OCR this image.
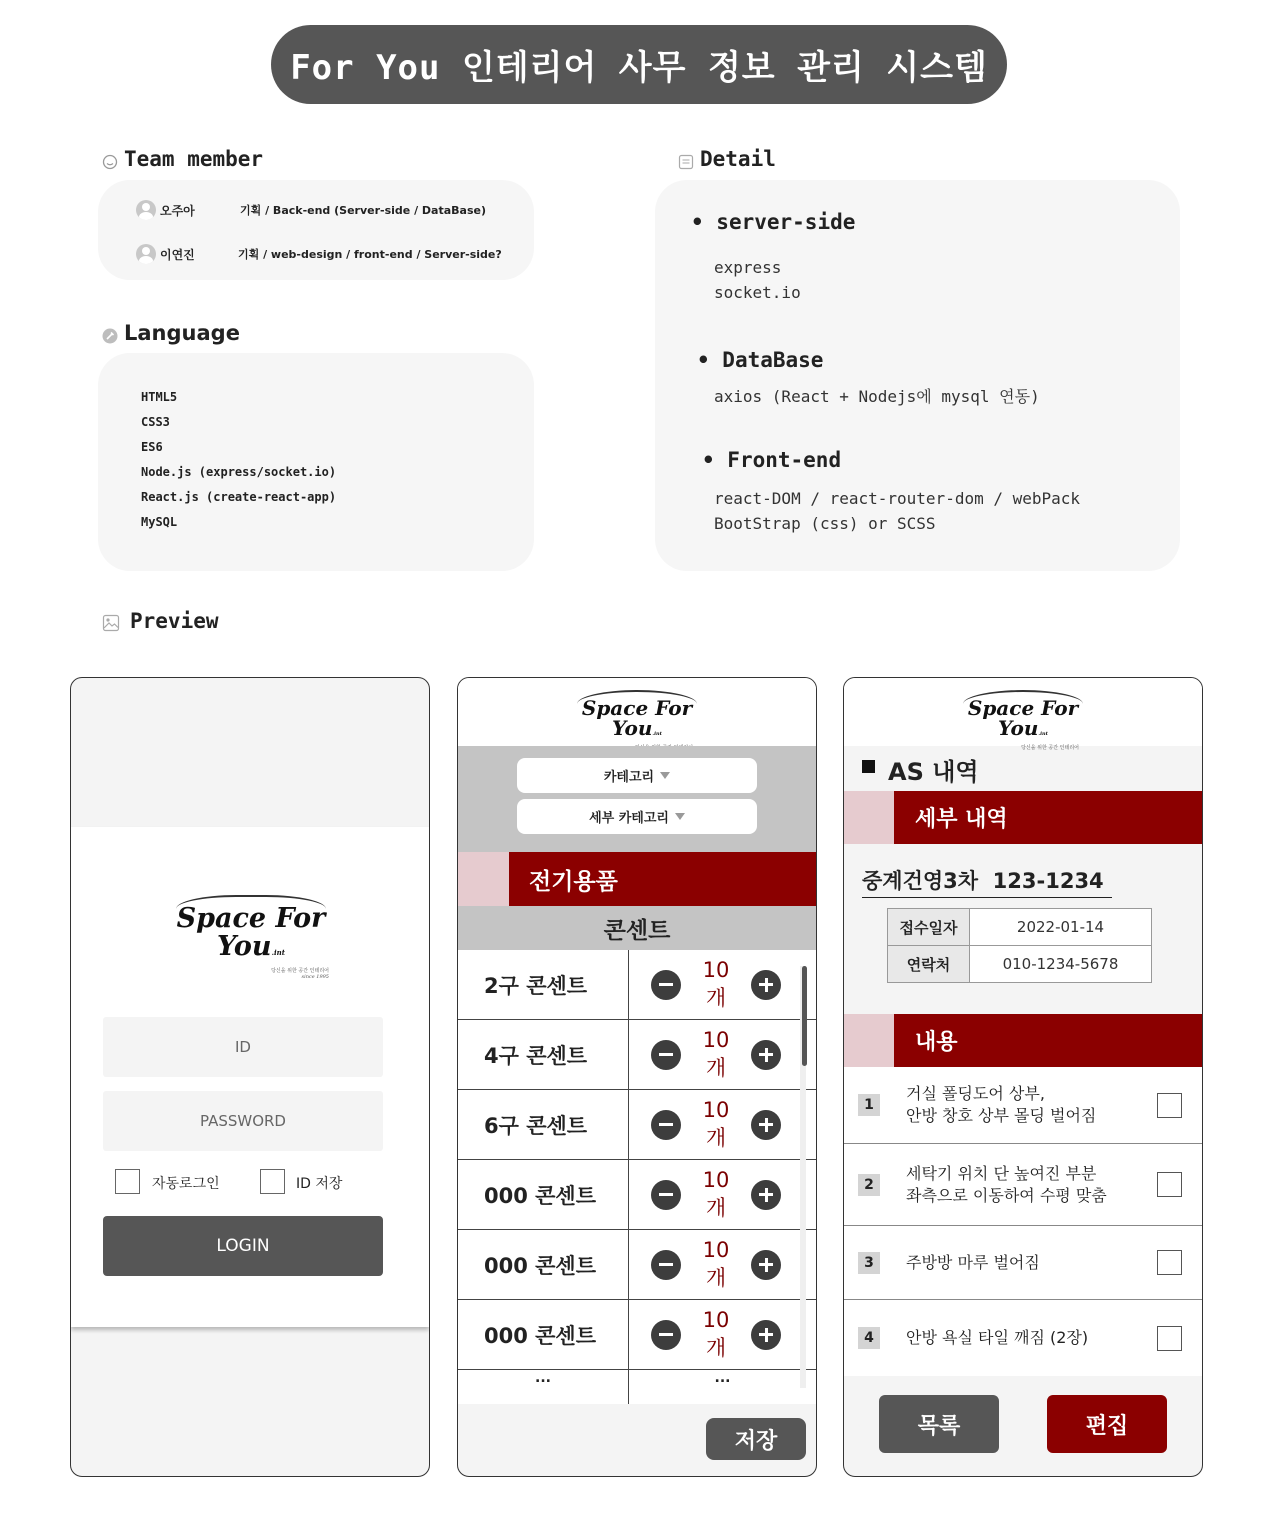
For You 인테리어 사무 정보 관리 시스템
Team member
오주아	기획 / Back-end (Server-side / DataBase)
이연진	기획 / web-design / front-end / Server-side?
Language
HTML5
CSS3
ES6
Node.js (express/socket.io)
React.js (create-react-app)
MySQL
Detail
• server-side
express
socket.io
• DataBase
axios (React + Nodejs에 mysql 연동)
• Front-end
react-DOM / react-router-dom / webPack
BootStrap (css) or SCSS
Preview
Space For You.int
당신을 위한 공간 인테리어
since 1995
ID
PASSWORD
자동로그인	ID 저장
LOGIN
Space For You.int
카테고리
세부 카테고리
전기용품
콘센트
2구 콘센트
10개
4구 콘센트
10개
6구 콘센트
10개
000 콘센트
10개
000 콘센트
10개
000 콘센트
10개
...	...
저장
Space For You.int
당신을 위한 공간 인테리어
AS 내역
세부 내역
중계건영3차 123-1234
접수일자	2022-01-14
연락처	010-1234-5678
내용
1
거실 폴딩도어 상부,
안방 창호 상부 몰딩 벌어짐
2
세탁기 위치 단 높여진 부분
좌측으로 이동하여 수평 맞춤
3	주방방 마루 벌어짐
4	안방 욕실 타일 깨짐 (2장)
목록	편집
